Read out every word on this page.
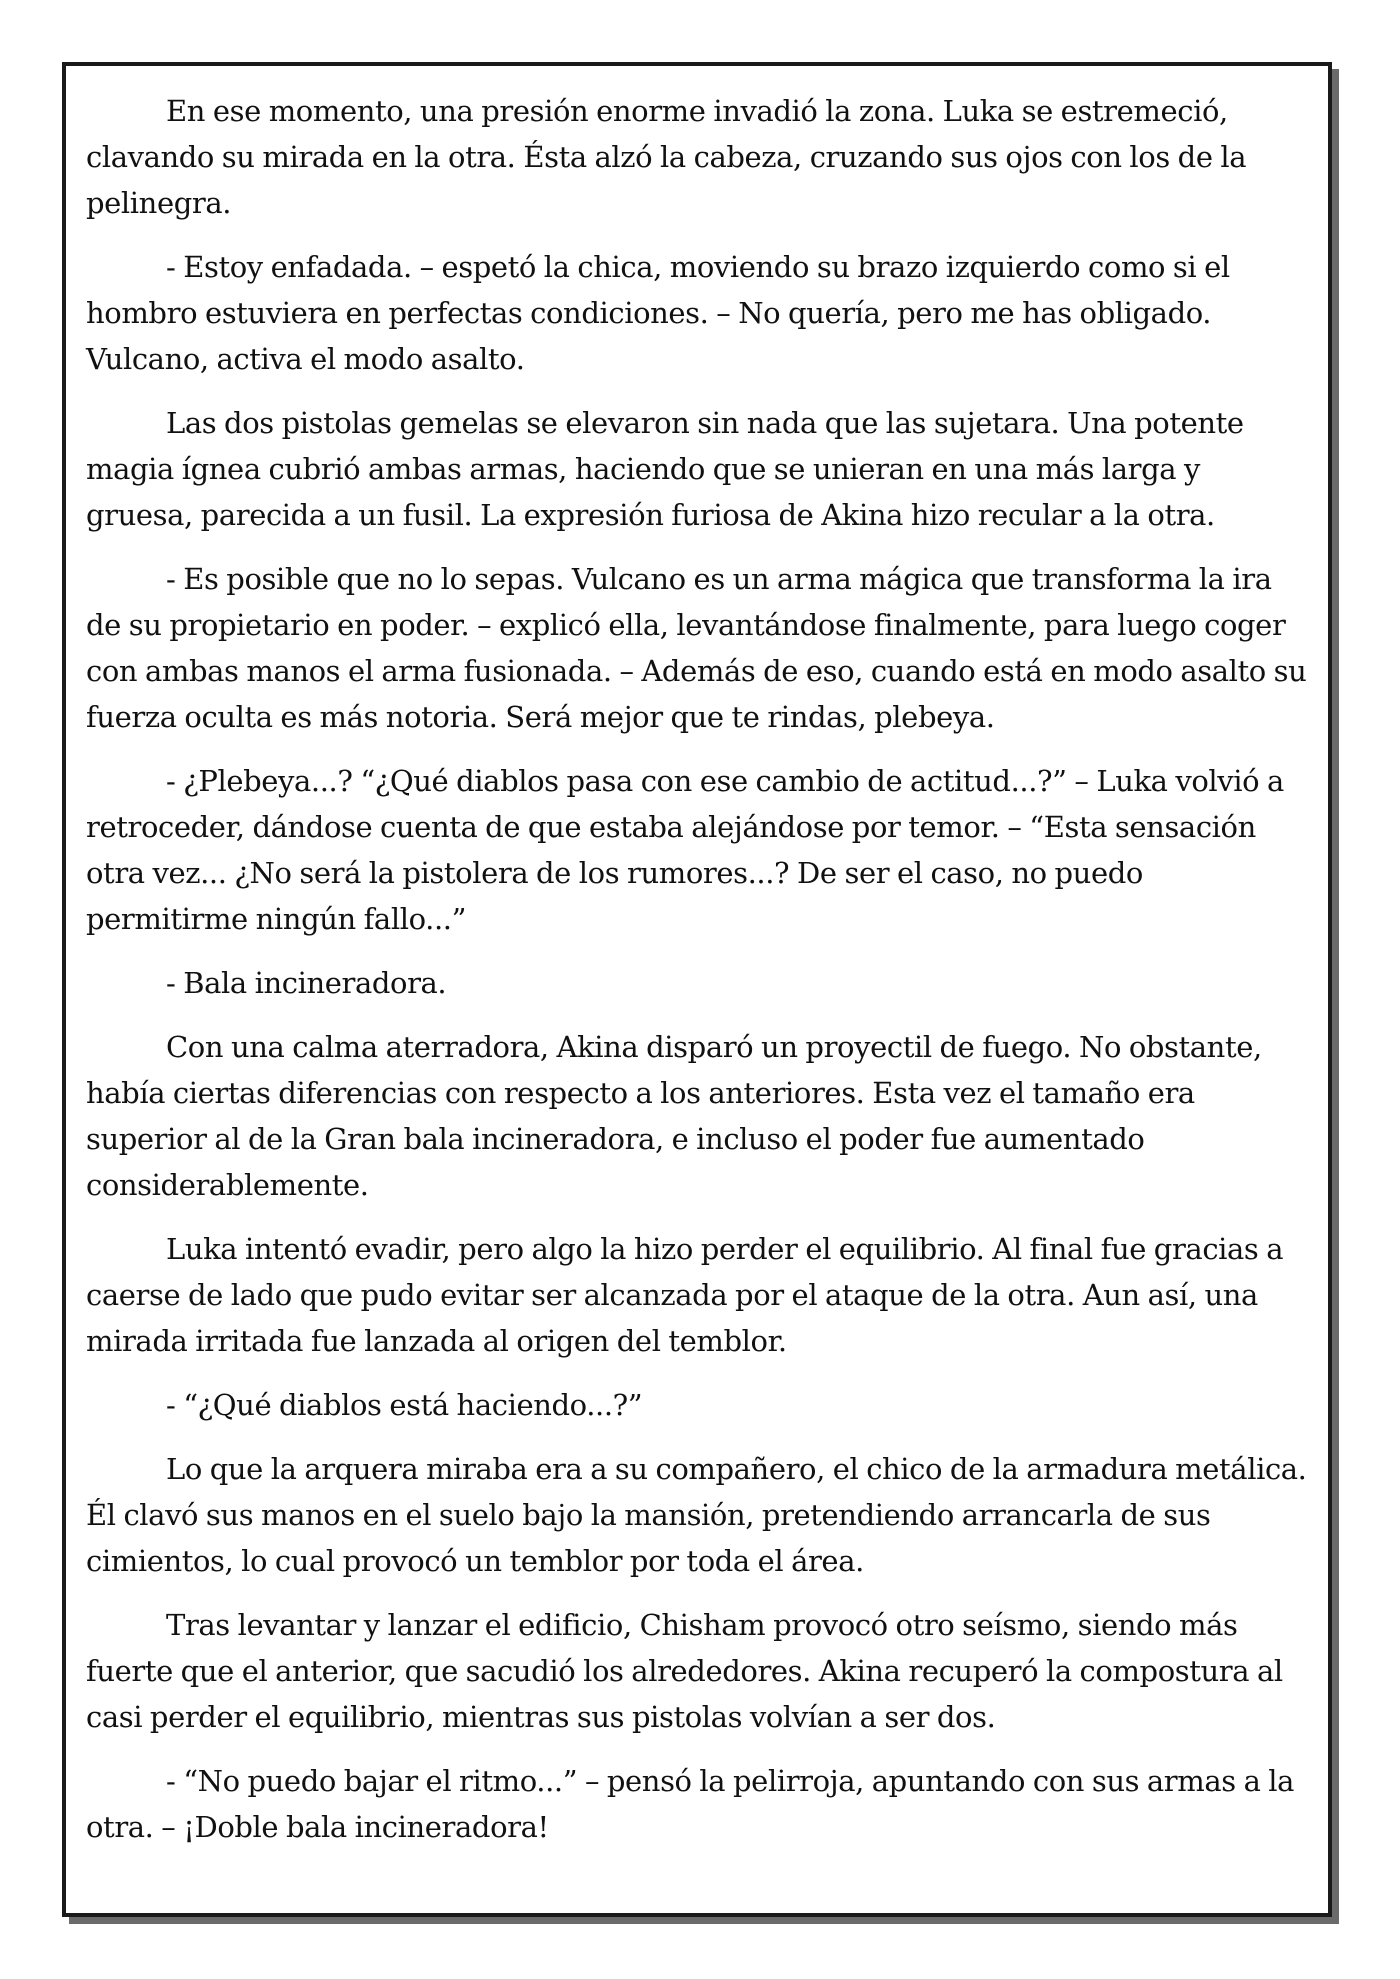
En ese momento, una presión enorme invadió la zona. Luka se estremeció, clavando su mirada en la otra. Ésta alzó la cabeza, cruzando sus ojos con los de la pelinegra.

- Estoy enfadada. – espetó la chica, moviendo su brazo izquierdo como si el hombro estuviera en perfectas condiciones. – No quería, pero me has obligado. Vulcano, activa el modo asalto.

Las dos pistolas gemelas se elevaron sin nada que las sujetara. Una potente magia ígnea cubrió ambas armas, haciendo que se unieran en una más larga y gruesa, parecida a un fusil. La expresión furiosa de Akina hizo recular a la otra.

- Es posible que no lo sepas. Vulcano es un arma mágica que transforma la ira de su propietario en poder. – explicó ella, levantándose finalmente, para luego coger con ambas manos el arma fusionada. – Además de eso, cuando está en modo asalto su fuerza oculta es más notoria. Será mejor que te rindas, plebeya.

- ¿Plebeya...? “¿Qué diablos pasa con ese cambio de actitud...?” – Luka volvió a retroceder, dándose cuenta de que estaba alejándose por temor. – “Esta sensación otra vez... ¿No será la pistolera de los rumores...? De ser el caso, no puedo permitirme ningún fallo...”

- Bala incineradora.

Con una calma aterradora, Akina disparó un proyectil de fuego. No obstante, había ciertas diferencias con respecto a los anteriores. Esta vez el tamaño era superior al de la Gran bala incineradora, e incluso el poder fue aumentado considerablemente.

Luka intentó evadir, pero algo la hizo perder el equilibrio. Al final fue gracias a caerse de lado que pudo evitar ser alcanzada por el ataque de la otra. Aun así, una mirada irritada fue lanzada al origen del temblor.

- “¿Qué diablos está haciendo...?”

Lo que la arquera miraba era a su compañero, el chico de la armadura metálica. Él clavó sus manos en el suelo bajo la mansión, pretendiendo arrancarla de sus cimientos, lo cual provocó un temblor por toda el área.

Tras levantar y lanzar el edificio, Chisham provocó otro seísmo, siendo más fuerte que el anterior, que sacudió los alrededores. Akina recuperó la compostura al casi perder el equilibrio, mientras sus pistolas volvían a ser dos.

- “No puedo bajar el ritmo...” – pensó la pelirroja, apuntando con sus armas a la otra. – ¡Doble bala incineradora!
